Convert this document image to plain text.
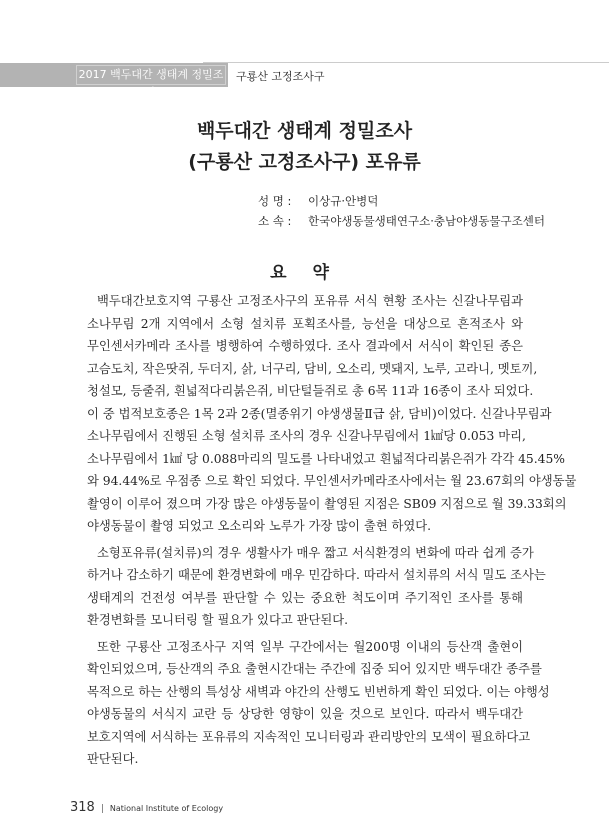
2017 백두대간 생태계 정밀조사
구룡산 고정조사구
백두대간 생태계 정밀조사
(구룡산 고정조사구) 포유류
성 명 : 이상규·안병덕
소 속 : 한국야생동물생태연구소·충남야생동물구조센터
요 약
백두대간보호지역 구룡산 고정조사구의 포유류 서식 현황 조사는 신갈나무림과
소나무림 2개 지역에서 소형 설치류 포획조사를, 능선을 대상으로 흔적조사 와
무인센서카메라 조사를 병행하여 수행하였다. 조사 결과에서 서식이 확인된 종은
고슴도치, 작은땃쥐, 두더지, 삵, 너구리, 담비, 오소리, 멧돼지, 노루, 고라니, 멧토끼,
청설모, 등줄쥐, 흰넓적다리붉은쥐, 비단털들쥐로 총 6목 11과 16종이 조사 되었다.
이 중 법적보호종은 1목 2과 2종(멸종위기 야생생물Ⅱ급 삵, 담비)이었다. 신갈나무림과
소나무림에서 진행된 소형 설치류 조사의 경우 신갈나무림에서 1㎢당 0.053 마리,
소나무림에서 1㎢ 당 0.088마리의 밀도를 나타내었고 흰넓적다리붉은쥐가 각각 45.45%
와 94.44%로 우점종 으로 확인 되었다. 무인센서카메라조사에서는 월 23.67회의 야생동물
촬영이 이루어 졌으며 가장 많은 야생동물이 촬영된 지점은 SB09 지점으로 월 39.33회의
야생동물이 촬영 되었고 오소리와 노루가 가장 많이 출현 하였다.
소형포유류(설치류)의 경우 생활사가 매우 짧고 서식환경의 변화에 따라 쉽게 증가
하거나 감소하기 때문에 환경변화에 매우 민감하다. 따라서 설치류의 서식 밀도 조사는
생태계의 건전성 여부를 판단할 수 있는 중요한 척도이며 주기적인 조사를 통해
환경변화를 모니터링 할 필요가 있다고 판단된다.
또한 구룡산 고정조사구 지역 일부 구간에서는 월200명 이내의 등산객 출현이
확인되었으며, 등산객의 주요 출현시간대는 주간에 집중 되어 있지만 백두대간 종주를
목적으로 하는 산행의 특성상 새벽과 야간의 산행도 빈번하게 확인 되었다. 이는 야행성
야생동물의 서식지 교란 등 상당한 영향이 있을 것으로 보인다. 따라서 백두대간
보호지역에 서식하는 포유류의 지속적인 모니터링과 관리방안의 모색이 필요하다고
판단된다.
318 | National Institute of Ecology
